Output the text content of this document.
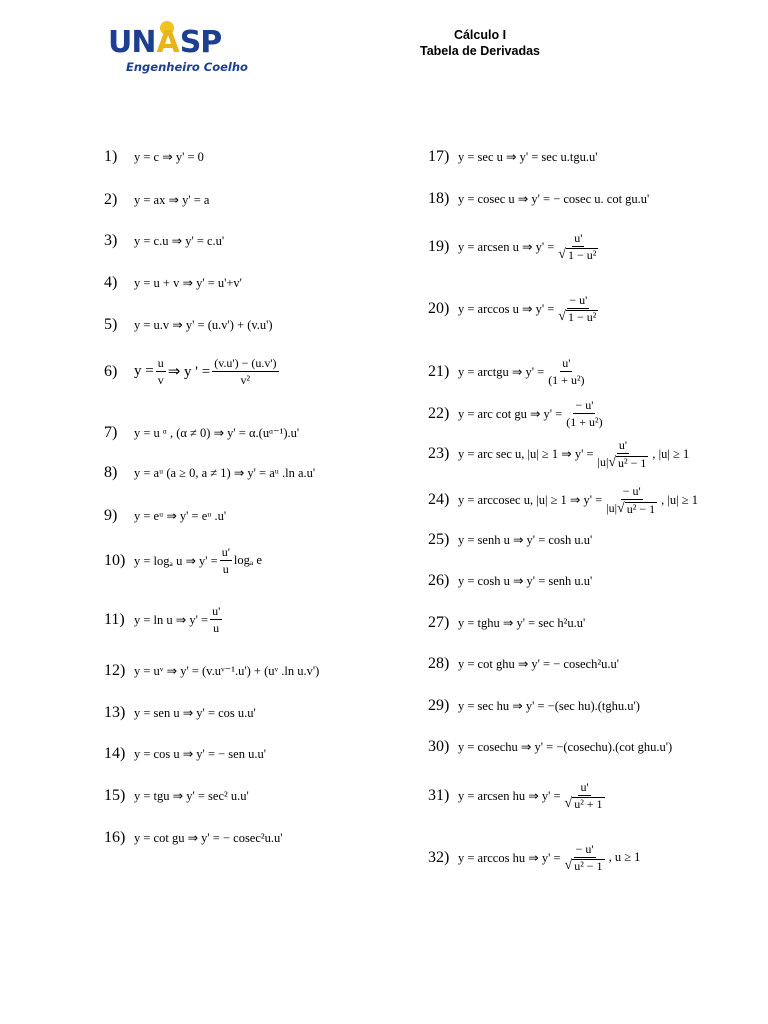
UNASP
Engenheiro Coelho
Cálculo I
Tabela de Derivadas
1)	y = c ⇒ y' = 0
2)	y = ax ⇒ y' = a
3)	y = c.u ⇒ y' = c.u'
4)	y = u + v ⇒ y' = u'+v'
5)	y = u.v ⇒ y' = (u.v') + (v.u')
6)	$y = \frac{u}{v}$ ⇒ y ' = $\frac{(v.u') - (u.v')}{\text{v²}}$
7)	y = u ᵅ , (α ≠ 0) ⇒ y' = α.(uᵅ⁻¹).u'
8)	y = aᵘ (a ≥ 0, a ≠ 1) ⇒ y' = aᵘ .ln a.u'
9)	y = eᵘ ⇒ y' = eᵘ .u'
10) y = logₐ u ⇒ $y' = \frac{u'}{u}$ logₐ e
11) y = ln u ⇒ $y' = \frac{u'}{u}$
12) y = uᵛ ⇒ y' = (v.uᵛ⁻¹.u') + (uᵛ .ln u.v')
13) y = sen u ⇒ y' = cos u.u'
14) y = cos u ⇒ y' = − sen u.u'
15) y = tgu ⇒ y' = sec² u.u'
16) y = cot gu ⇒ y' = − cosec²u.u'
17) y = sec u ⇒ y' = sec u.tgu.u'
18) y = cosec u ⇒ y' = − cosec u. cot gu.u'
19) y = arcsen u ⇒ $y' = \frac{u'}{\text{√ 1 − u²}}$
20) y = arccos u ⇒ $y' = \frac{- u'}{\text{√ 1 − u²}}$
21) y = arctgu ⇒ $y' = \frac{u'}{\text{(1 + u²)}}$
22) y = arc cot gu ⇒ $y' = \frac{- u'}{\text{(1 + u²)}}$
23) y = arc sec u, |u| ≥ 1 ⇒ $y' = \frac{u'}{\text{|u| √ u² − 1}}$ , |u| ≥ 1
24) y = arccosec u, |u| ≥ 1 ⇒ $y' = \frac{- u'}{\text{|u| √ u² − 1}}$ , |u| ≥ 1
25) y = senh u ⇒ y' = cosh u.u'
26) y = cosh u ⇒ y' = senh u.u'
27) y = tghu ⇒ y' = sec h²u.u'
28) y = cot ghu ⇒ y' = − cosech²u.u'
29) y = sec hu ⇒ y' = −(sec hu).(tghu.u')
30) y = cosechu ⇒ y' = −(cosechu).(cot ghu.u')
31) y = arcsen hu ⇒ $y' = \frac{u'}{\text{√ u² + 1}}$
32) y = arccos hu ⇒ $y' = \frac{- u'}{\text{√ u² − 1}}$ , u ≥ 1
